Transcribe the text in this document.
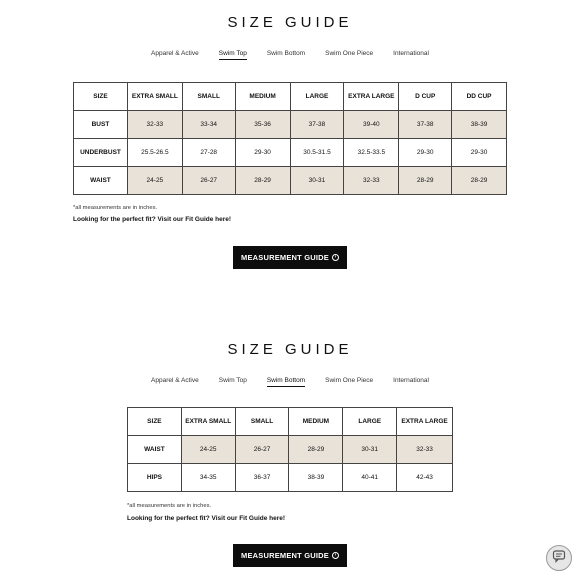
SIZE GUIDE
Apparel & Active	Swim Top	Swim Bottom	Swim One Piece	International
SIZE	EXTRA SMALL	SMALL	MEDIUM	LARGE	EXTRA LARGE	D CUP	DD CUP
BUST	32-33	33-34	35-36	37-38	39-40	37-38	38-39
UNDERBUST	25.5-26.5	27-28	29-30	30.5-31.5	32.5-33.5	29-30	29-30
WAIST	24-25	26-27	28-29	30-31	32-33	28-29	28-29

*all measurements are in inches.

Looking for the perfect fit? Visit our Fit Guide here!

MEASUREMENT GUIDE	›
SIZE GUIDE
Apparel & Active	Swim Top	Swim Bottom	Swim One Piece	International
SIZE	EXTRA SMALL	SMALL	MEDIUM	LARGE	EXTRA LARGE
WAIST	24-25	26-27	28-29	30-31	32-33
HIPS	34-35	36-37	38-39	40-41	42-43

*all measurements are in inches.

Looking for the perfect fit? Visit our Fit Guide here!

MEASUREMENT GUIDE	›
